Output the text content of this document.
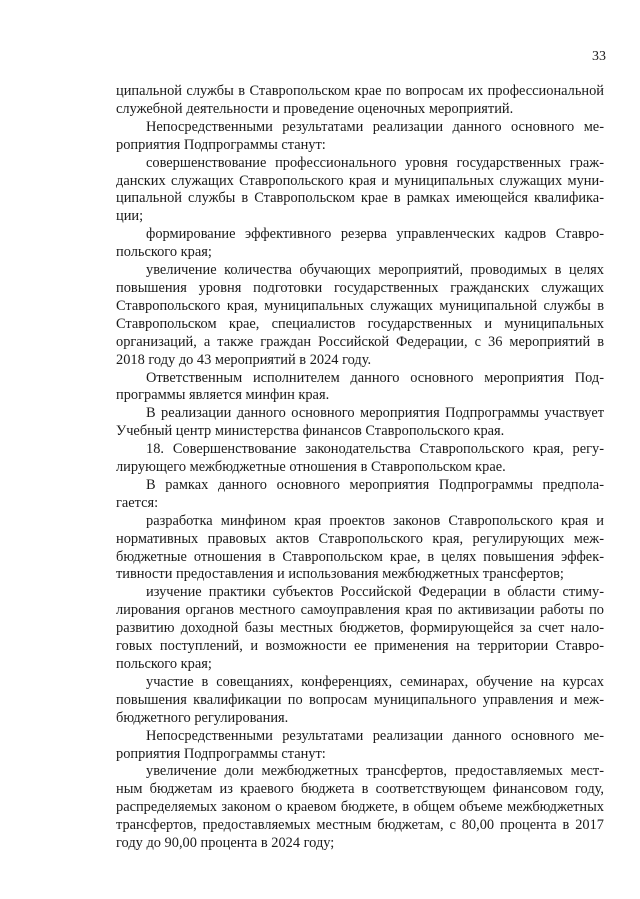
33

ципальной службы в Ставропольском крае по вопросам их профессиональной служебной деятельности и проведение оценочных мероприятий.

Непосредственными результатами реализации данного основного мероприятия Подпрограммы станут:

совершенствование профессионального уровня государственных гражданских служащих Ставропольского края и муниципальных служащих муниципальной службы в Ставропольском крае в рамках имеющейся квалификации;

формирование эффективного резерва управленческих кадров Ставропольского края;

увеличение количества обучающих мероприятий, проводимых в целях повышения уровня подготовки государственных гражданских служащих Ставропольского края, муниципальных служащих муниципальной службы в Ставропольском крае, специалистов государственных и муниципальных организаций, а также граждан Российской Федерации, с 36 мероприятий в 2018 году до 43 мероприятий в 2024 году.

Ответственным исполнителем данного основного мероприятия Подпрограммы является минфин края.

В реализации данного основного мероприятия Подпрограммы участвует Учебный центр министерства финансов Ставропольского края.

18. Совершенствование законодательства Ставропольского края, регулирующего межбюджетные отношения в Ставропольском крае.

В рамках данного основного мероприятия Подпрограммы предполагается:

разработка минфином края проектов законов Ставропольского края и нормативных правовых актов Ставропольского края, регулирующих межбюджетные отношения в Ставропольском крае, в целях повышения эффективности предоставления и использования межбюджетных трансфертов;

изучение практики субъектов Российской Федерации в области стимулирования органов местного самоуправления края по активизации работы по развитию доходной базы местных бюджетов, формирующейся за счет налоговых поступлений, и возможности ее применения на территории Ставропольского края;

участие в совещаниях, конференциях, семинарах, обучение на курсах повышения квалификации по вопросам муниципального управления и межбюджетного регулирования.

Непосредственными результатами реализации данного основного мероприятия Подпрограммы станут:

увеличение доли межбюджетных трансфертов, предоставляемых местным бюджетам из краевого бюджета в соответствующем финансовом году, распределяемых законом о краевом бюджете, в общем объеме межбюджетных трансфертов, предоставляемых местным бюджетам, с 80,00 процента в 2017 году до 90,00 процента в 2024 году;
